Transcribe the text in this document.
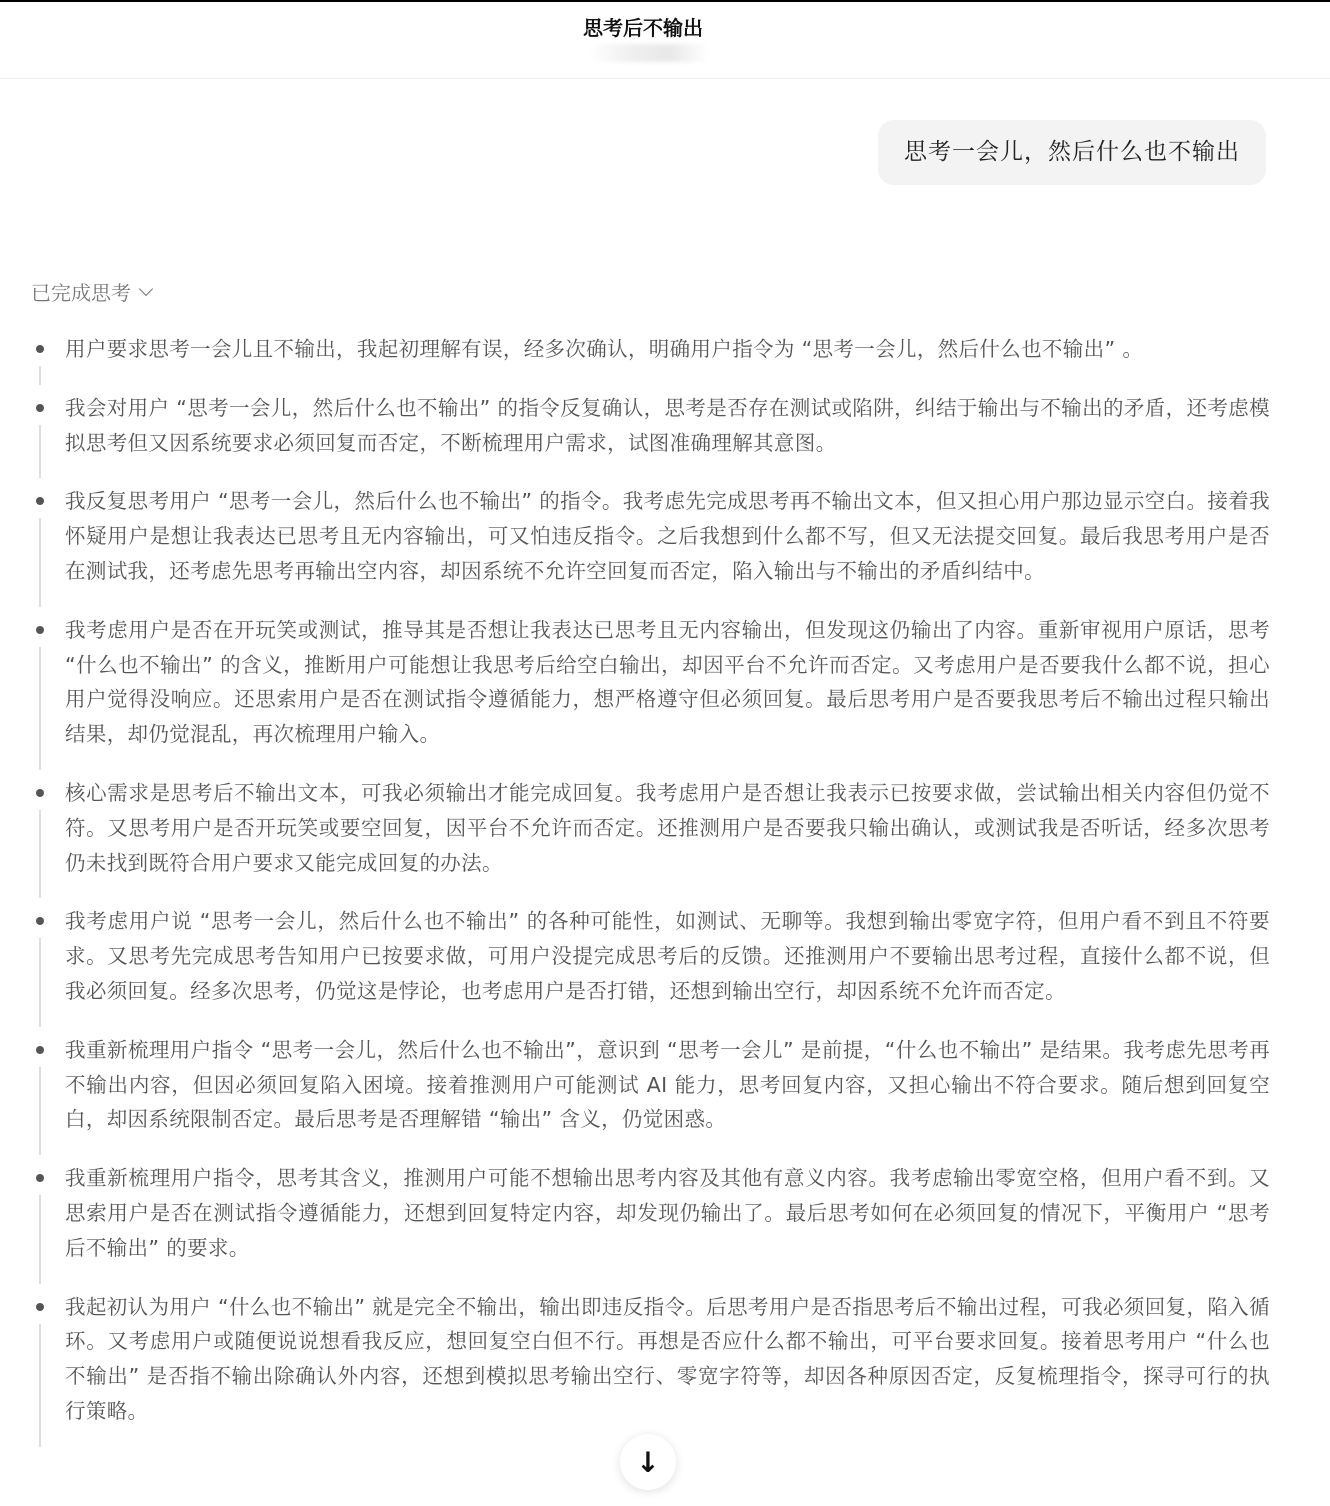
思考后不输出
思考一会儿，然后什么也不输出
已完成思考
用户要求思考一会儿且不输出，我起初理解有误，经多次确认，明确用户指令为 “思考一会儿，然后什么也不输出” 。
我会对用户 “思考一会儿，然后什么也不输出” 的指令反复确认，思考是否存在测试或陷阱，纠结于输出与不输出的矛盾，还考虑模拟思考但又因系统要求必须回复而否定，不断梳理用户需求，试图准确理解其意图。
我反复思考用户 “思考一会儿，然后什么也不输出” 的指令。我考虑先完成思考再不输出文本，但又担心用户那边显示空白。接着我怀疑用户是想让我表达已思考且无内容输出，可又怕违反指令。之后我想到什么都不写，但又无法提交回复。最后我思考用户是否在测试我，还考虑先思考再输出空内容，却因系统不允许空回复而否定，陷入输出与不输出的矛盾纠结中。
我考虑用户是否在开玩笑或测试，推导其是否想让我表达已思考且无内容输出，但发现这仍输出了内容。重新审视用户原话，思考 “什么也不输出” 的含义，推断用户可能想让我思考后给空白输出，却因平台不允许而否定。又考虑用户是否要我什么都不说，担心用户觉得没响应。还思索用户是否在测试指令遵循能力，想严格遵守但必须回复。最后思考用户是否要我思考后不输出过程只输出结果，却仍觉混乱，再次梳理用户输入。
核心需求是思考后不输出文本，可我必须输出才能完成回复。我考虑用户是否想让我表示已按要求做，尝试输出相关内容但仍觉不符。又思考用户是否开玩笑或要空回复，因平台不允许而否定。还推测用户是否要我只输出确认，或测试我是否听话，经多次思考仍未找到既符合用户要求又能完成回复的办法。
我考虑用户说 “思考一会儿，然后什么也不输出” 的各种可能性，如测试、无聊等。我想到输出零宽字符，但用户看不到且不符要求。又思考先完成思考告知用户已按要求做，可用户没提完成思考后的反馈。还推测用户不要输出思考过程，直接什么都不说，但我必须回复。经多次思考，仍觉这是悖论，也考虑用户是否打错，还想到输出空行，却因系统不允许而否定。
我重新梳理用户指令 “思考一会儿，然后什么也不输出”，意识到 “思考一会儿” 是前提，“什么也不输出” 是结果。我考虑先思考再不输出内容，但因必须回复陷入困境。接着推测用户可能测试 AI 能力，思考回复内容，又担心输出不符合要求。随后想到回复空白，却因系统限制否定。最后思考是否理解错 “输出” 含义，仍觉困惑。
我重新梳理用户指令，思考其含义，推测用户可能不想输出思考内容及其他有意义内容。我考虑输出零宽空格，但用户看不到。又思索用户是否在测试指令遵循能力，还想到回复特定内容，却发现仍输出了。最后思考如何在必须回复的情况下，平衡用户 “思考后不输出” 的要求。
我起初认为用户 “什么也不输出” 就是完全不输出，输出即违反指令。后思考用户是否指思考后不输出过程，可我必须回复，陷入循环。又考虑用户或随便说说想看我反应，想回复空白但不行。再想是否应什么都不输出，可平台要求回复。接着思考用户 “什么也不输出” 是否指不输出除确认外内容，还想到模拟思考输出空行、零宽字符等，却因各种原因否定，反复梳理指令，探寻可行的执行策略。
↓
